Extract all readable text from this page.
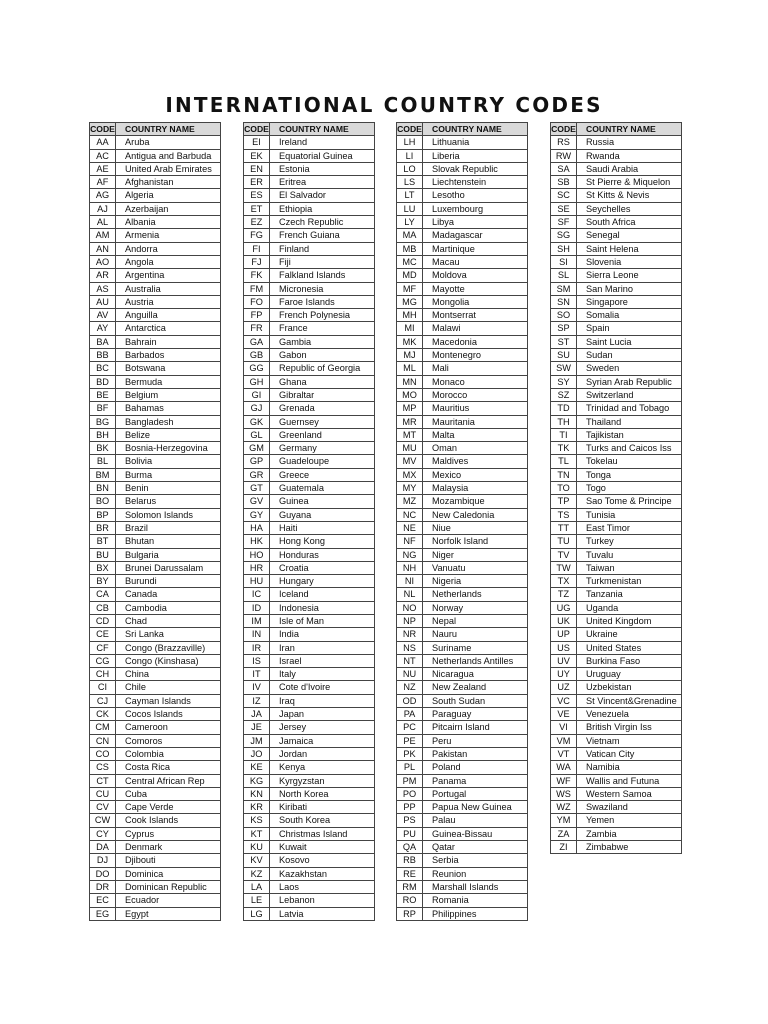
INTERNATIONAL COUNTRY CODES
CODE	COUNTRY NAME
AA	Aruba
AC	Antigua and Barbuda
AE	United Arab Emirates
AF	Afghanistan
AG	Algeria
AJ	Azerbaijan
AL	Albania
AM	Armenia
AN	Andorra
AO	Angola
AR	Argentina
AS	Australia
AU	Austria
AV	Anguilla
AY	Antarctica
BA	Bahrain
BB	Barbados
BC	Botswana
BD	Bermuda
BE	Belgium
BF	Bahamas
BG	Bangladesh
BH	Belize
BK	Bosnia-Herzegovina
BL	Bolivia
BM	Burma
BN	Benin
BO	Belarus
BP	Solomon Islands
BR	Brazil
BT	Bhutan
BU	Bulgaria
BX	Brunei Darussalam
BY	Burundi
CA	Canada
CB	Cambodia
CD	Chad
CE	Sri Lanka
CF	Congo (Brazzaville)
CG	Congo (Kinshasa)
CH	China
CI	Chile
CJ	Cayman Islands
CK	Cocos Islands
CM	Cameroon
CN	Comoros
CO	Colombia
CS	Costa Rica
CT	Central African Rep
CU	Cuba
CV	Cape Verde
CW	Cook Islands
CY	Cyprus
DA	Denmark
DJ	Djibouti
DO	Dominica
DR	Dominican Republic
EC	Ecuador
EG	Egypt
CODE	COUNTRY NAME
EI	Ireland
EK	Equatorial Guinea
EN	Estonia
ER	Eritrea
ES	El Salvador
ET	Ethiopia
EZ	Czech Republic
FG	French Guiana
FI	Finland
FJ	Fiji
FK	Falkland Islands
FM	Micronesia
FO	Faroe Islands
FP	French Polynesia
FR	France
GA	Gambia
GB	Gabon
GG	Republic of Georgia
GH	Ghana
GI	Gibraltar
GJ	Grenada
GK	Guernsey
GL	Greenland
GM	Germany
GP	Guadeloupe
GR	Greece
GT	Guatemala
GV	Guinea
GY	Guyana
HA	Haiti
HK	Hong Kong
HO	Honduras
HR	Croatia
HU	Hungary
IC	Iceland
ID	Indonesia
IM	Isle of Man
IN	India
IR	Iran
IS	Israel
IT	Italy
IV	Cote d'Ivoire
IZ	Iraq
JA	Japan
JE	Jersey
JM	Jamaica
JO	Jordan
KE	Kenya
KG	Kyrgyzstan
KN	North Korea
KR	Kiribati
KS	South Korea
KT	Christmas Island
KU	Kuwait
KV	Kosovo
KZ	Kazakhstan
LA	Laos
LE	Lebanon
LG	Latvia
CODE	COUNTRY NAME
LH	Lithuania
LI	Liberia
LO	Slovak Republic
LS	Liechtenstein
LT	Lesotho
LU	Luxembourg
LY	Libya
MA	Madagascar
MB	Martinique
MC	Macau
MD	Moldova
MF	Mayotte
MG	Mongolia
MH	Montserrat
MI	Malawi
MK	Macedonia
MJ	Montenegro
ML	Mali
MN	Monaco
MO	Morocco
MP	Mauritius
MR	Mauritania
MT	Malta
MU	Oman
MV	Maldives
MX	Mexico
MY	Malaysia
MZ	Mozambique
NC	New Caledonia
NE	Niue
NF	Norfolk Island
NG	Niger
NH	Vanuatu
NI	Nigeria
NL	Netherlands
NO	Norway
NP	Nepal
NR	Nauru
NS	Suriname
NT	Netherlands Antilles
NU	Nicaragua
NZ	New Zealand
OD	South Sudan
PA	Paraguay
PC	Pitcairn Island
PE	Peru
PK	Pakistan
PL	Poland
PM	Panama
PO	Portugal
PP	Papua New Guinea
PS	Palau
PU	Guinea-Bissau
QA	Qatar
RB	Serbia
RE	Reunion
RM	Marshall Islands
RO	Romania
RP	Philippines
CODE	COUNTRY NAME
RS	Russia
RW	Rwanda
SA	Saudi Arabia
SB	St Pierre & Miquelon
SC	St Kitts & Nevis
SE	Seychelles
SF	South Africa
SG	Senegal
SH	Saint Helena
SI	Slovenia
SL	Sierra Leone
SM	San Marino
SN	Singapore
SO	Somalia
SP	Spain
ST	Saint Lucia
SU	Sudan
SW	Sweden
SY	Syrian Arab Republic
SZ	Switzerland
TD	Trinidad and Tobago
TH	Thailand
TI	Tajikistan
TK	Turks and Caicos Iss
TL	Tokelau
TN	Tonga
TO	Togo
TP	Sao Tome & Principe
TS	Tunisia
TT	East Timor
TU	Turkey
TV	Tuvalu
TW	Taiwan
TX	Turkmenistan
TZ	Tanzania
UG	Uganda
UK	United Kingdom
UP	Ukraine
US	United States
UV	Burkina Faso
UY	Uruguay
UZ	Uzbekistan
VC	St Vincent&Grenadine
VE	Venezuela
VI	British Virgin Iss
VM	Vietnam
VT	Vatican City
WA	Namibia
WF	Wallis and Futuna
WS	Western Samoa
WZ	Swaziland
YM	Yemen
ZA	Zambia
ZI	Zimbabwe
